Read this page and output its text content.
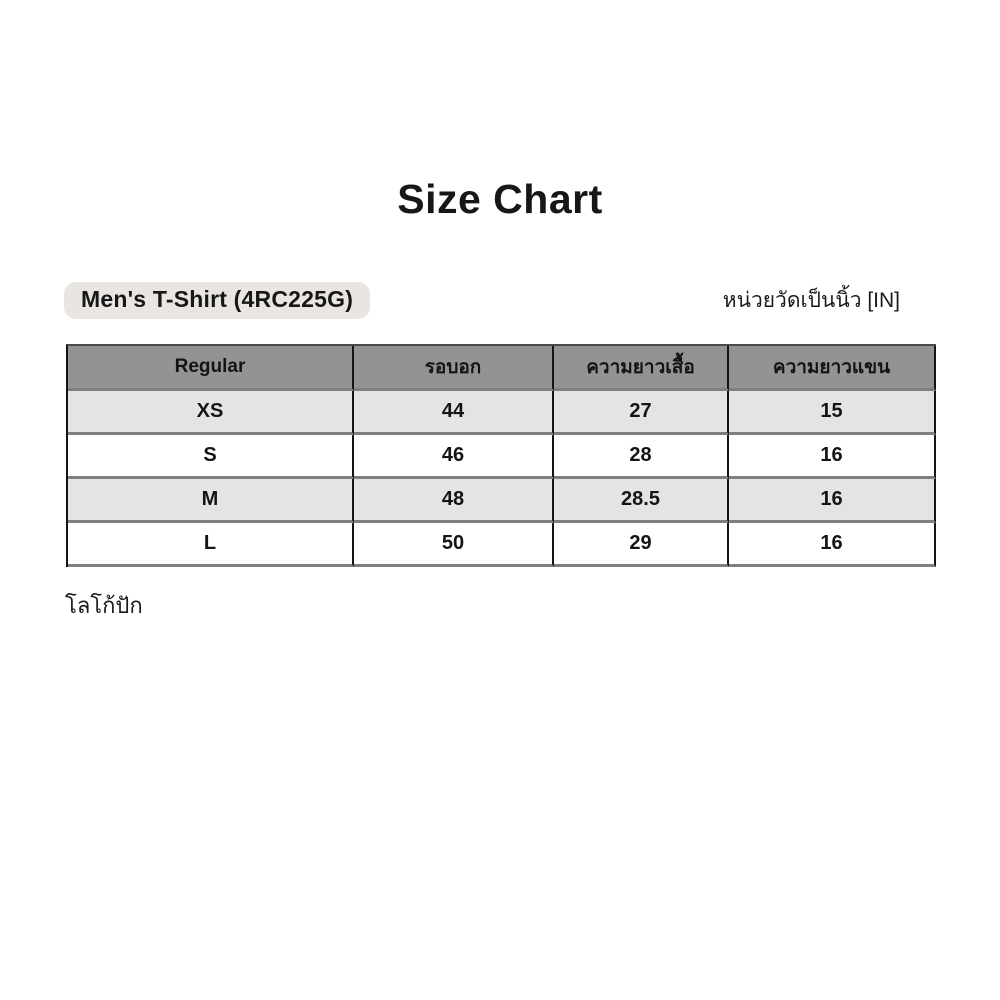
Size Chart
Men's T-Shirt (4RC225G)	หน่วยวัดเป็นนิ้ว [IN]
Regular	รอบอก	ความยาวเสื้อ	ความยาวแขน
XS	44	27	15
S	46	28	16
M	48	28.5	16
L	50	29	16
โลโก้ปัก
